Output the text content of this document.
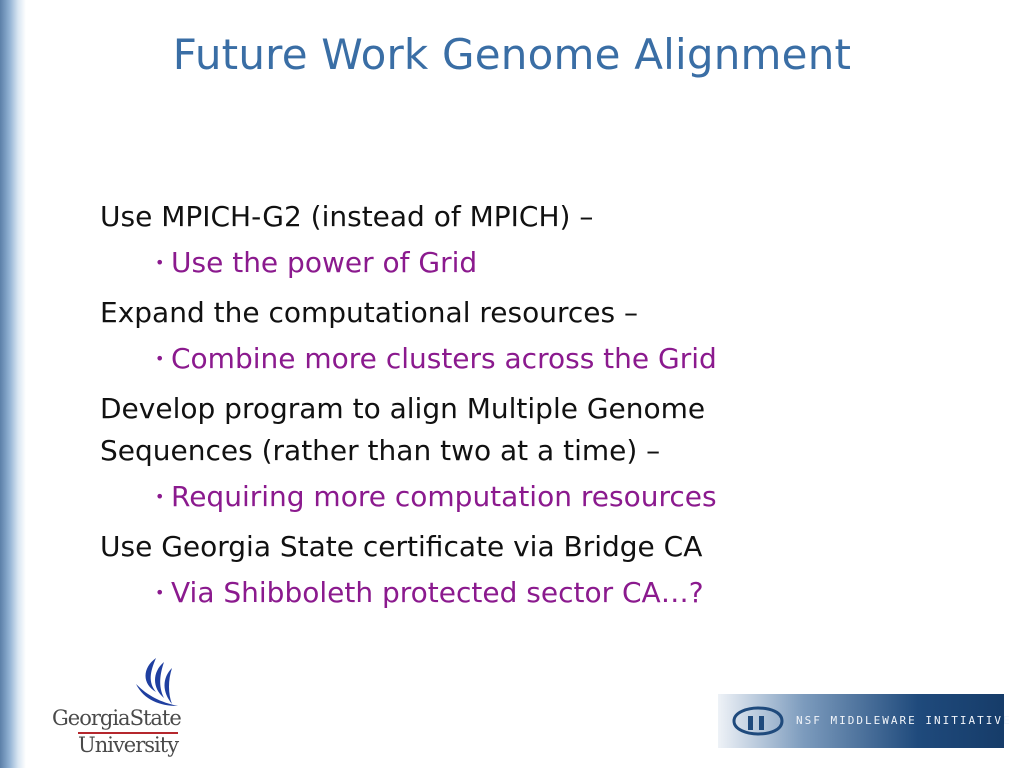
Future Work Genome Alignment

Use MPICH-G2 (instead of MPICH) –

• Use the power of Grid

Expand the computational resources –

• Combine more clusters across the Grid

Develop program to align Multiple Genome Sequences (rather than two at a time) –

• Requiring more computation resources

Use Georgia State certificate via Bridge CA

• Via Shibboleth protected sector CA…?
GeorgiaState
University
NSF MIDDLEWARE INITIATIVE
